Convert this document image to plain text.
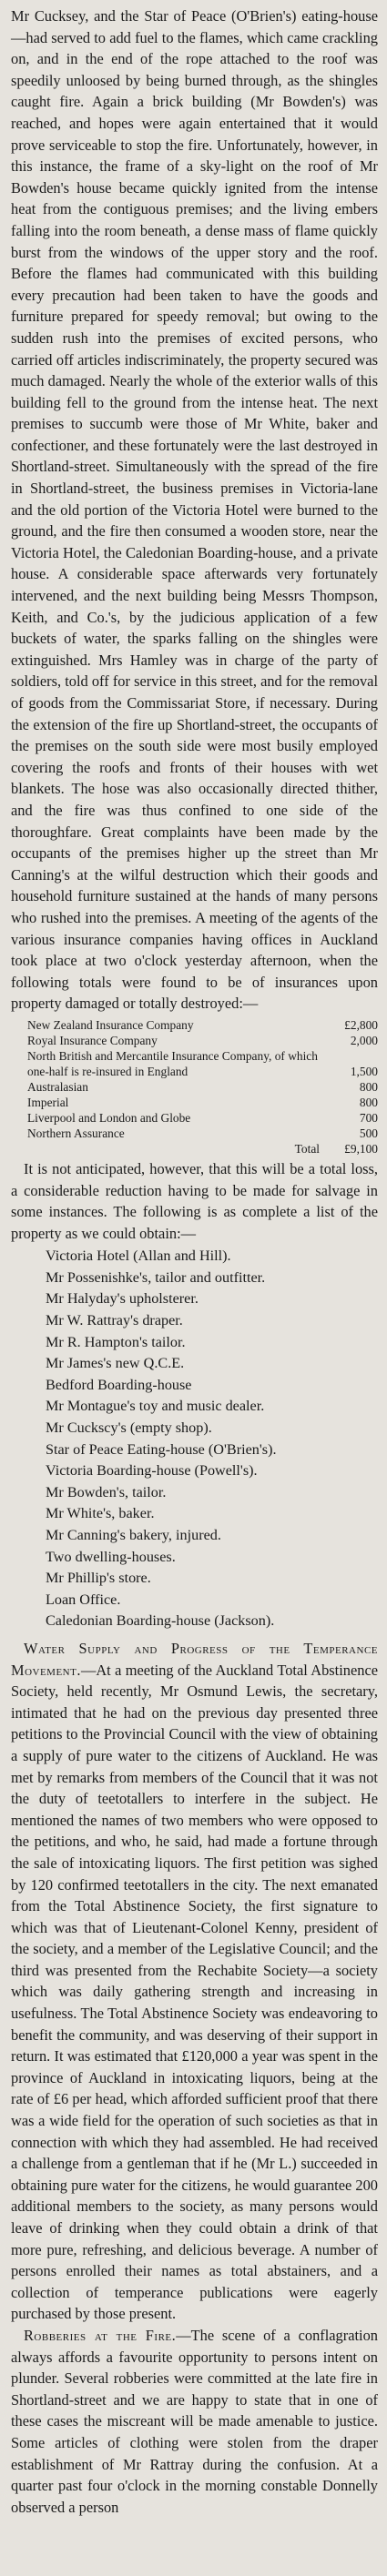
Mr Cucksey, and the Star of Peace (O'Brien's) eating-house—had served to add fuel to the flames, which came crackling on, and in the end of the rope attached to the roof was speedily unloosed by being burned through, as the shingles caught fire. Again a brick building (Mr Bowden's) was reached, and hopes were again entertained that it would prove serviceable to stop the fire. Unfortunately, however, in this instance, the frame of a sky-light on the roof of Mr Bowden's house became quickly ignited from the intense heat from the contiguous premises; and the living embers falling into the room beneath, a dense mass of flame quickly burst from the windows of the upper story and the roof. Before the flames had communicated with this building every precaution had been taken to have the goods and furniture prepared for speedy removal; but owing to the sudden rush into the premises of excited persons, who carried off articles indiscriminately, the property secured was much damaged. Nearly the whole of the exterior walls of this building fell to the ground from the intense heat. The next premises to succumb were those of Mr White, baker and confectioner, and these fortunately were the last destroyed in Shortland-street. Simultaneously with the spread of the fire in Shortland-street, the business premises in Victoria-lane and the old portion of the Victoria Hotel were burned to the ground, and the fire then consumed a wooden store, near the Victoria Hotel, the Caledonian Boarding-house, and a private house. A considerable space afterwards very fortunately intervened, and the next building being Messrs Thompson, Keith, and Co.'s, by the judicious application of a few buckets of water, the sparks falling on the shingles were extinguished. Mrs Hamley was in charge of the party of soldiers, told off for service in this street, and for the removal of goods from the Commissariat Store, if necessary. During the extension of the fire up Shortland-street, the occupants of the premises on the south side were most busily employed covering the roofs and fronts of their houses with wet blankets. The hose was also occasionally directed thither, and the fire was thus confined to one side of the thoroughfare. Great complaints have been made by the occupants of the premises higher up the street than Mr Canning's at the wilful destruction which their goods and household furniture sustained at the hands of many persons who rushed into the premises. A meeting of the agents of the various insurance companies having offices in Auckland took place at two o'clock yesterday afternoon, when the following totals were found to be of insurances upon property damaged or totally destroyed:—

New Zealand Insurance Company	£2,800
Royal Insurance Company	2,000
North British and Mercantile Insurance Company, of which one-half is re-insured in England	1,500
Australasian	800
Imperial	800
Liverpool and London and Globe	700
Northern Assurance	500
Total	£9,100

It is not anticipated, however, that this will be a total loss, a considerable reduction having to be made for salvage in some instances. The following is as complete a list of the property as we could obtain:—

Victoria Hotel (Allan and Hill).
Mr Possenishke's, tailor and outfitter.
Mr Halyday's upholsterer.
Mr W. Rattray's draper.
Mr R. Hampton's tailor.
Mr James's new Q.C.E.
Bedford Boarding-house
Mr Montague's toy and music dealer.
Mr Cuckscy's (empty shop).
Star of Peace Eating-house (O'Brien's).
Victoria Boarding-house (Powell's).
Mr Bowden's, tailor.
Mr White's, baker.
Mr Canning's bakery, injured.
Two dwelling-houses.
Mr Phillip's store.
Loan Office.
Caledonian Boarding-house (Jackson).

Water Supply and Progress of the Temperance Movement.—At a meeting of the Auckland Total Abstinence Society, held recently, Mr Osmund Lewis, the secretary, intimated that he had on the previous day presented three petitions to the Provincial Council with the view of obtaining a supply of pure water to the citizens of Auckland. He was met by remarks from members of the Council that it was not the duty of teetotallers to interfere in the subject. He mentioned the names of two members who were opposed to the petitions, and who, he said, had made a fortune through the sale of intoxicating liquors. The first petition was sighed by 120 confirmed teetotallers in the city. The next emanated from the Total Abstinence Society, the first signature to which was that of Lieutenant-Colonel Kenny, president of the society, and a member of the Legislative Council; and the third was presented from the Rechabite Society—a society which was daily gathering strength and increasing in usefulness. The Total Abstinence Society was endeavoring to benefit the community, and was deserving of their support in return. It was estimated that £120,000 a year was spent in the province of Auckland in intoxicating liquors, being at the rate of £6 per head, which afforded sufficient proof that there was a wide field for the operation of such societies as that in connection with which they had assembled. He had received a challenge from a gentleman that if he (Mr L.) succeeded in obtaining pure water for the citizens, he would guarantee 200 additional members to the society, as many persons would leave of drinking when they could obtain a drink of that more pure, refreshing, and delicious beverage. A number of persons enrolled their names as total abstainers, and a collection of temperance publications were eagerly purchased by those present.

Robberies at the Fire.—The scene of a conflagration always affords a favourite opportunity to persons intent on plunder. Several robberies were committed at the late fire in Shortland-street and we are happy to state that in one of these cases the miscreant will be made amenable to justice. Some articles of clothing were stolen from the draper establishment of Mr Rattray during the confusion. At a quarter past four o'clock in the morning constable Donnelly observed a person
